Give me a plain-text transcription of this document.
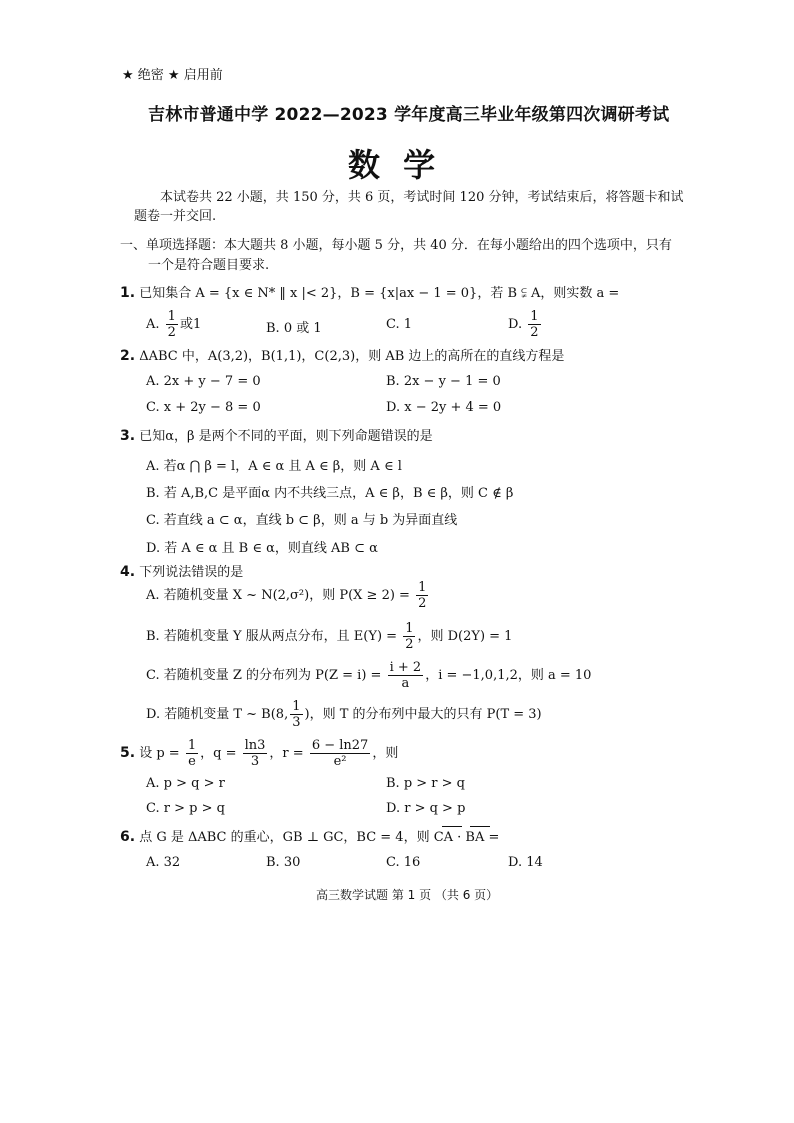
★ 绝密 ★ 启用前
吉林市普通中学 2022—2023 学年度高三毕业年级第四次调研考试
数 学
本试卷共 22 小题，共 150 分，共 6 页，考试时间 120 分钟，考试结束后，将答题卡和试
题卷一并交回.
一、单项选择题：本大题共 8 小题，每小题 5 分，共 40 分．在每小题给出的四个选项中，只有
一个是符合题目要求.
1. 已知集合 A = {x ∈ N* ‖ x |< 2}，B = {x|ax − 1 = 0}，若 B ⫋ A，则实数 a =
A. $\frac{1}{2}$ 或1	B. 0 或 1	C. 1	D. $\frac{1}{2}$
2. ΔABC 中，A(3,2)，B(1,1)，C(2,3)，则 AB 边上的高所在的直线方程是
A. 2x + y − 7 = 0	B. 2x − y − 1 = 0
C. x + 2y − 8 = 0	D. x − 2y + 4 = 0
3. 已知α，β 是两个不同的平面，则下列命题错误的是
A. 若α ⋂ β = l，A ∈ α 且 A ∈ β，则 A ∈ l
B. 若 A,B,C 是平面α 内不共线三点，A ∈ β，B ∈ β，则 C ∉ β
C. 若直线 a ⊂ α，直线 b ⊂ β，则 a 与 b 为异面直线
D. 若 A ∈ α 且 B ∈ α，则直线 AB ⊂ α
4. 下列说法错误的是
A. 若随机变量 X ~ N(2,σ²)，则 $P(X \ge 2) = \frac{1}{2}$
B. 若随机变量 Y 服从两点分布，且 $E(Y) = \frac{1}{2}$ ，则 D(2Y) = 1
C. 若随机变量 Z 的分布列为 $P(Z = i) = \frac{i + 2}{a}$ ，i = −1,0,1,2，则 a = 10
D. 若随机变量 T ~ B(8, $\frac{1}{3}$ )，则 T 的分布列中最大的只有 P(T = 3)
5. 设 $p = \frac{1}{e}$ ，$q = \frac{\ln 3}{3}$ ，$r = \frac{6 - \ln 27}{\text{e²}}$ ，则
A. p > q > r	B. p > r > q
C. r > p > q	D. r > q > p
6. 点 G 是 ΔABC 的重心，GB ⊥ GC，BC = 4，则 CA · BA =
A. 32	B. 30	C. 16	D. 14
高三数学试题 第 1 页 （共 6 页）
